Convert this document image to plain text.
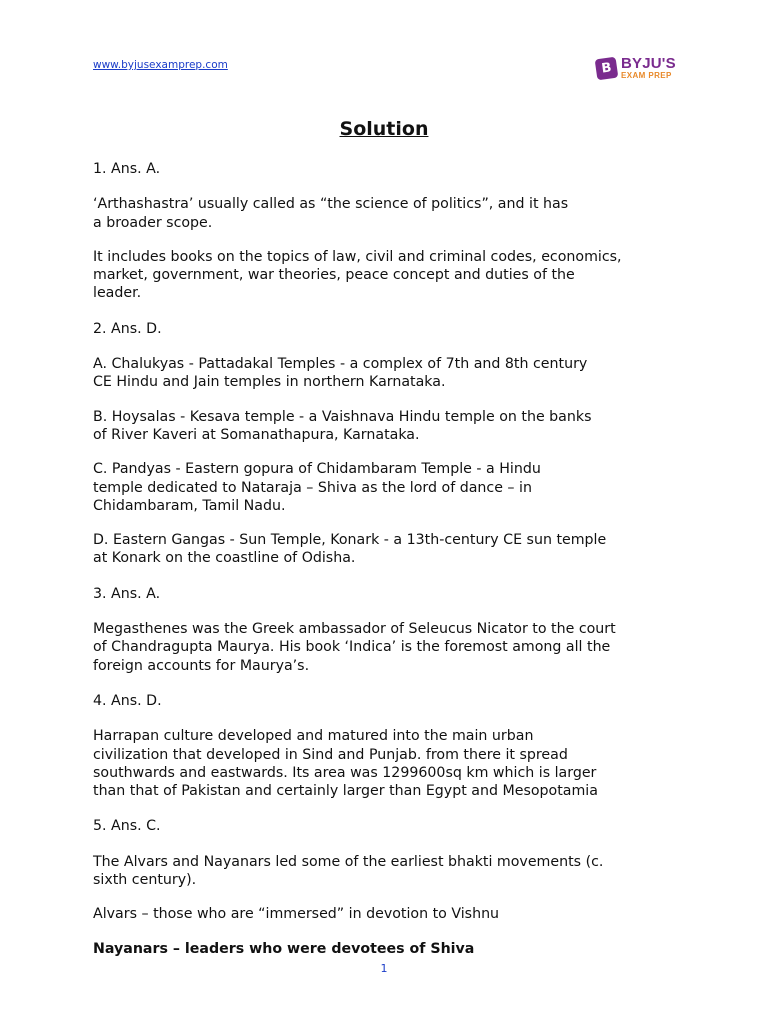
www.byjusexamprep.com	B BYJU'S
EXAM PREP
Solution

1. Ans. A.

‘Arthashastra’ usually called as “the science of politics”, and it has
a broader scope.

It includes books on the topics of law, civil and criminal codes, economics,
market, government, war theories, peace concept and duties of the
leader.

2. Ans. D.

A. Chalukyas - Pattadakal Temples - a complex of 7th and 8th century
CE Hindu and Jain temples in northern Karnataka.

B. Hoysalas - Kesava temple - a Vaishnava Hindu temple on the banks
of River Kaveri at Somanathapura, Karnataka.

C. Pandyas - Eastern gopura of Chidambaram Temple - a Hindu
temple dedicated to Nataraja – Shiva as the lord of dance – in
Chidambaram, Tamil Nadu.

D. Eastern Gangas - Sun Temple, Konark - a 13th-century CE sun temple
at Konark on the coastline of Odisha.

3. Ans. A.

Megasthenes was the Greek ambassador of Seleucus Nicator to the court
of Chandragupta Maurya. His book ‘Indica’ is the foremost among all the
foreign accounts for Maurya’s.

4. Ans. D.

Harrapan culture developed and matured into the main urban
civilization that developed in Sind and Punjab. from there it spread
southwards and eastwards. Its area was 1299600sq km which is larger
than that of Pakistan and certainly larger than Egypt and Mesopotamia

5. Ans. C.

The Alvars and Nayanars led some of the earliest bhakti movements (c.
sixth century).

Alvars – those who are “immersed” in devotion to Vishnu

Nayanars – leaders who were devotees of Shiva

1
